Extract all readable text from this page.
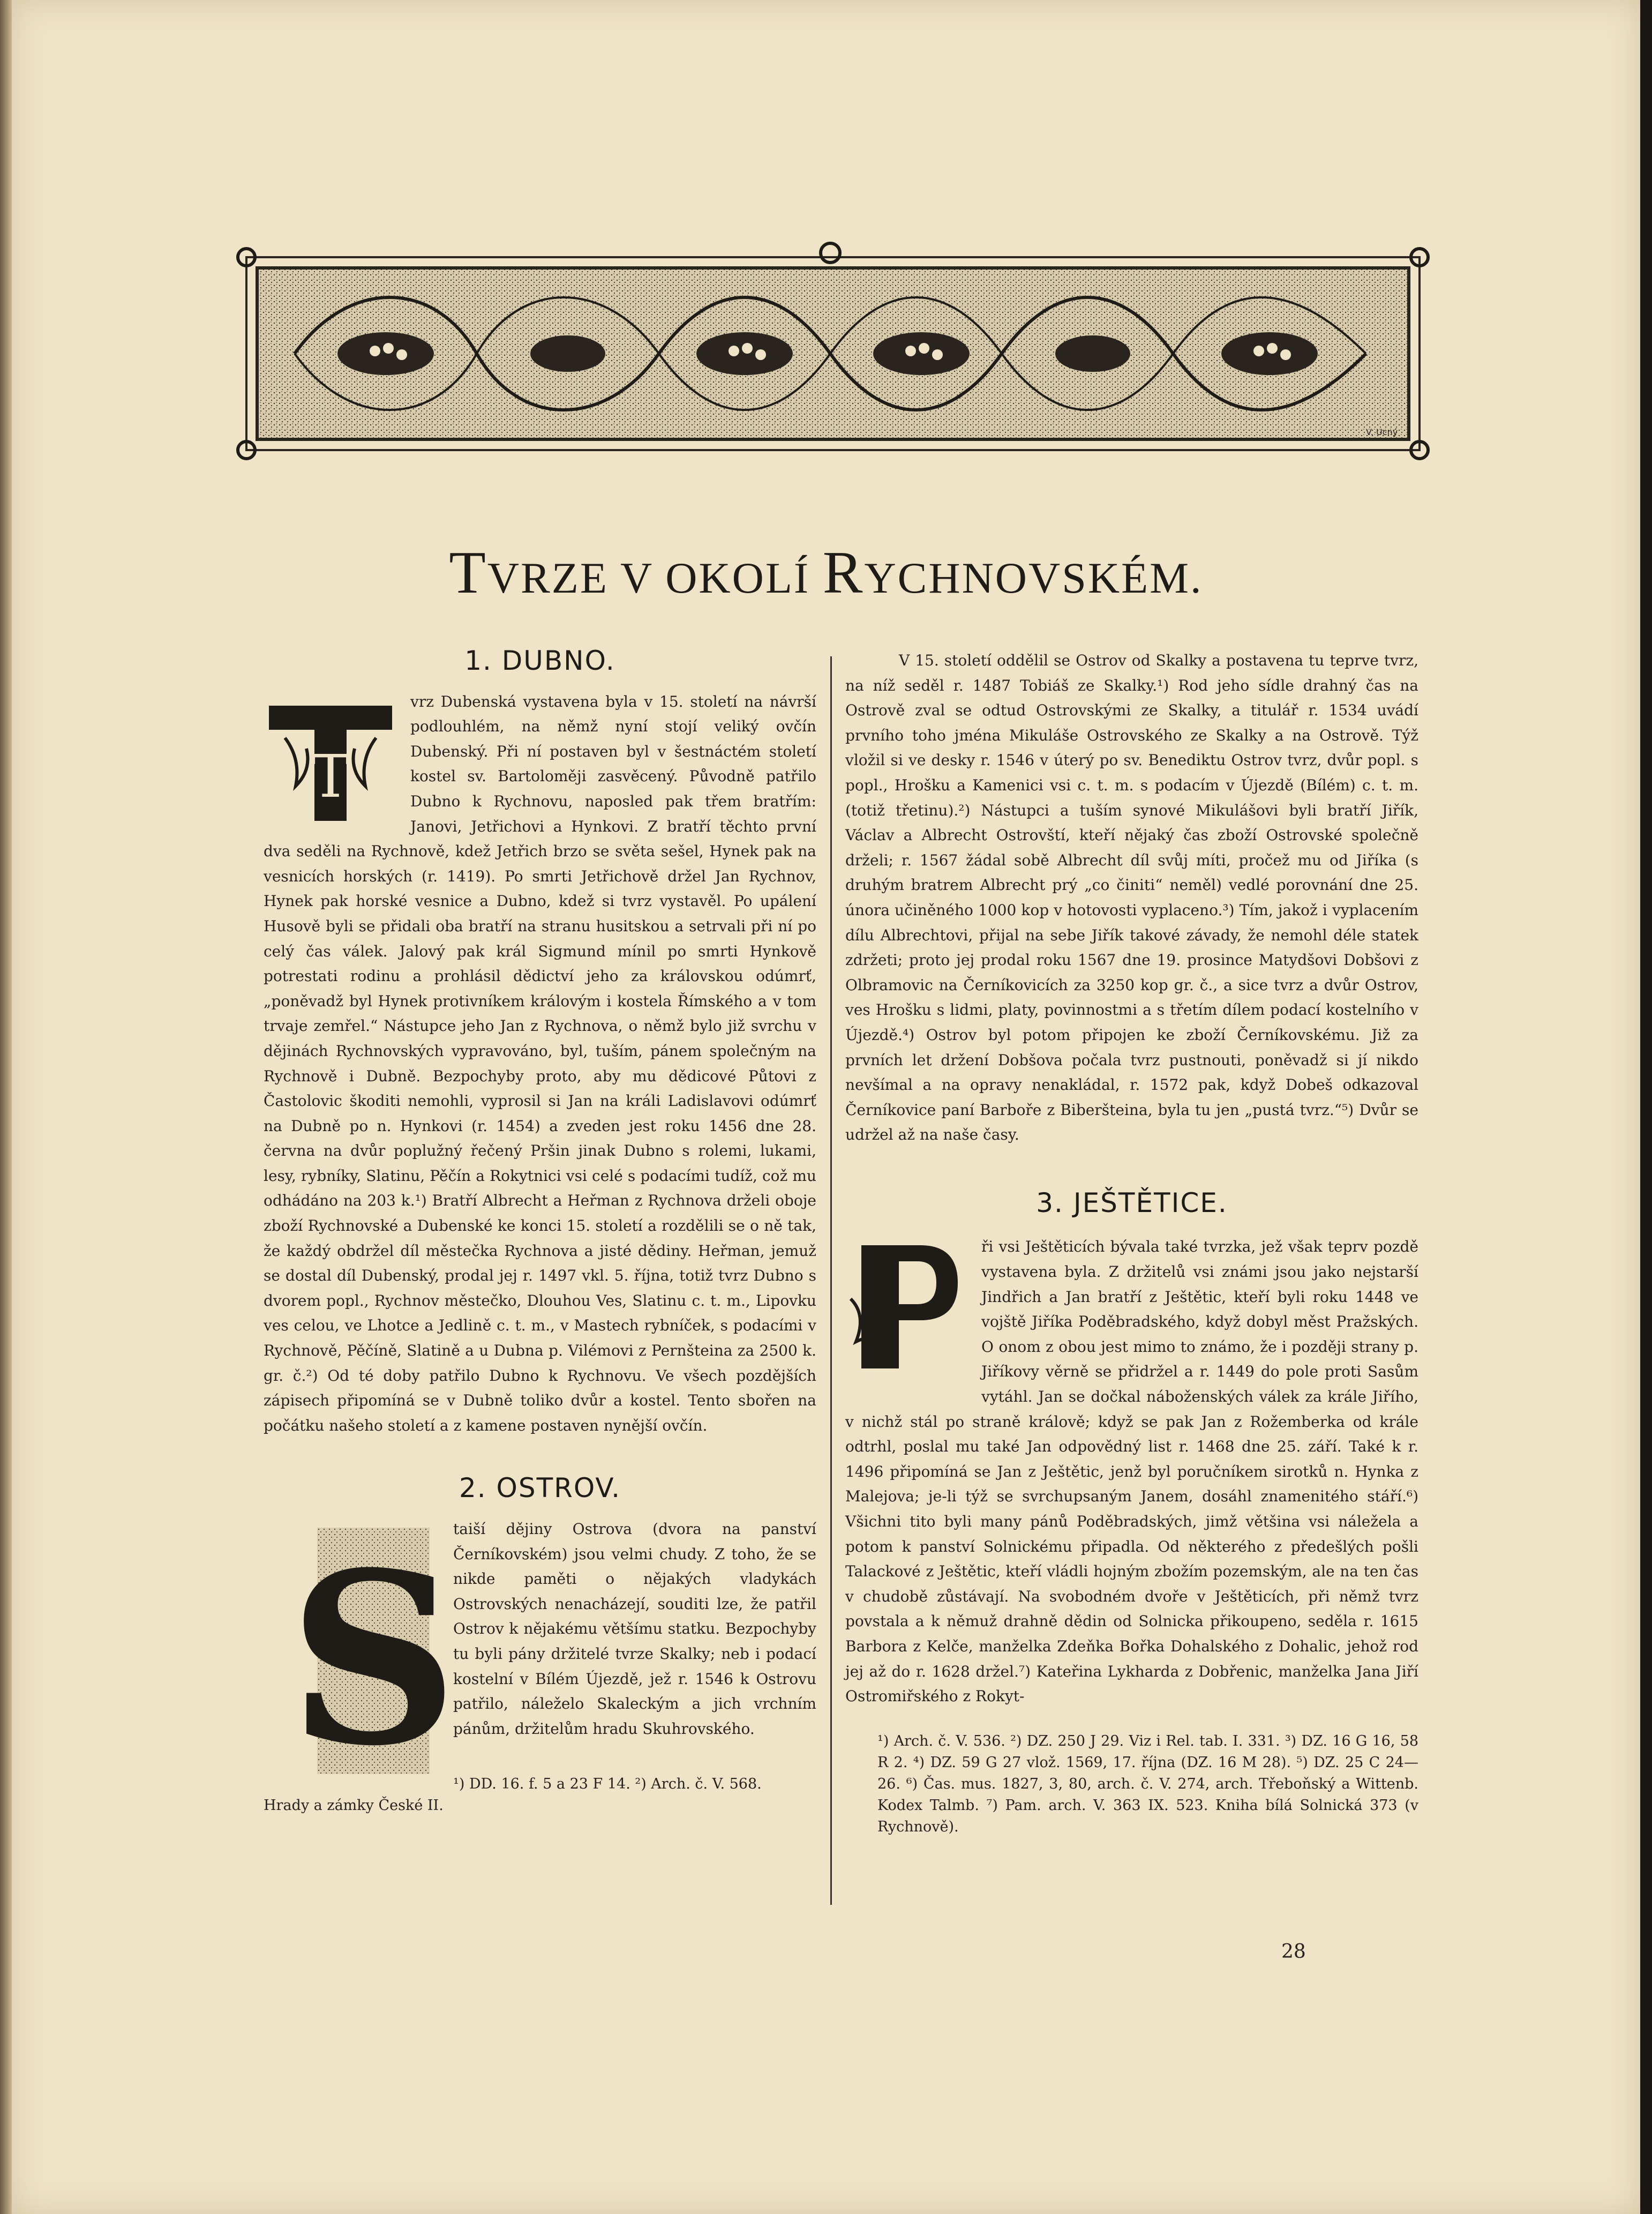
V. Ucný
TVRZE V OKOLÍ RYCHNOVSKÉM.
1. DUBNO.
T

vrz Dubenská vystavena byla v 15. století na návrší podlouhlém, na němž nyní stojí veliký ovčín Dubenský. Při ní postaven byl v šestnáctém století kostel sv. Bartoloměji zasvěcený. Původně patřilo Dubno k Rychnovu, naposled pak třem bratřím: Janovi, Jetřichovi a Hynkovi. Z bratří těchto první dva seděli na Rychnově, kdež Jetřich brzo se světa sešel, Hynek pak na vesnicích horských (r. 1419). Po smrti Jetřichově držel Jan Rychnov, Hynek pak horské vesnice a Dubno, kdež si tvrz vystavěl. Po upálení Husově byli se přidali oba bratří na stranu husitskou a setrvali při ní po celý čas válek. Jalový pak král Sigmund mínil po smrti Hynkově potrestati rodinu a prohlásil dědictví jeho za královskou odúmrť, „poněvadž byl Hynek protivníkem královým i kostela Římského a v tom trvaje zemřel.“ Nástupce jeho Jan z Rychnova, o němž bylo již svrchu v dějinách Rychnovských vypravováno, byl, tuším, pánem společným na Rychnově i Dubně. Bezpochyby proto, aby mu dědicové Půtovi z Častolovic škoditi nemohli, vyprosil si Jan na králi Ladislavovi odúmrť na Dubně po n. Hynkovi (r. 1454) a zveden jest roku 1456 dne 28. června na dvůr poplužný řečený Pršin jinak Dubno s rolemi, lukami, lesy, rybníky, Slatinu, Pěčín a Rokytnici vsi celé s podacími tudíž, což mu odhádáno na 203 k.¹) Bratří Albrecht a Heřman z Rychnova drželi oboje zboží Rychnovské a Dubenské ke konci 15. století a rozdělili se o ně tak, že každý obdržel díl městečka Rychnova a jisté dědiny. Heřman, jemuž se dostal díl Dubenský, prodal jej r. 1497 vkl. 5. října, totiž tvrz Dubno s dvorem popl., Rychnov městečko, Dlouhou Ves, Slatinu c. t. m., Lipovku ves celou, ve Lhotce a Jedlině c. t. m., v Mastech rybníček, s podacími v Rychnově, Pěčíně, Slatině a u Dubna p. Vilémovi z Pernšteina za 2500 k. gr. č.²) Od té doby patřilo Dubno k Rychnovu. Ve všech pozdějších zápisech připomíná se v Dubně toliko dvůr a kostel. Tento sbořen na počátku našeho století a z kamene postaven nynější ovčín.

2. OSTROV.
S

taiší dějiny Ostrova (dvora na panství Černíkovském) jsou velmi chudy. Z toho, že se nikde paměti o nějakých vladykách Ostrovských nenacházejí, souditi lze, že patřil Ostrov k nějakému většímu statku. Bezpochyby tu byli pány držitelé tvrze Skalky; neb i podací kostelní v Bílém Újezdě, jež r. 1546 k Ostrovu patřilo, náleželo Skaleckým a jich vrchním pánům, držitelům hradu Skuhrovského.

¹) DD. 16. f. 5 a 23 F 14. ²) Arch. č. V. 568.
Hrady a zámky České II.

V 15. století oddělil se Ostrov od Skalky a postavena tu teprve tvrz, na níž seděl r. 1487 Tobiáš ze Skalky.¹) Rod jeho sídle drahný čas na Ostrově zval se odtud Ostrovskými ze Skalky, a titulář r. 1534 uvádí prvního toho jména Mikuláše Ostrovského ze Skalky a na Ostrově. Týž vložil si ve desky r. 1546 v úterý po sv. Benediktu Ostrov tvrz, dvůr popl. s popl., Hrošku a Kamenici vsi c. t. m. s podacím v Újezdě (Bílém) c. t. m. (totiž třetinu).²) Nástupci a tuším synové Mikulášovi byli bratří Jiřík, Václav a Albrecht Ostrovští, kteří nějaký čas zboží Ostrovské společně drželi; r. 1567 žádal sobě Albrecht díl svůj míti, pročež mu od Jiříka (s druhým bratrem Albrecht prý „co činiti“ neměl) vedlé porovnání dne 25. února učiněného 1000 kop v hotovosti vyplaceno.³) Tím, jakož i vyplacením dílu Albrechtovi, přijal na sebe Jiřík takové závady, že nemohl déle statek zdržeti; proto jej prodal roku 1567 dne 19. prosince Matydšovi Dobšovi z Olbramovic na Černíkovicích za 3250 kop gr. č., a sice tvrz a dvůr Ostrov, ves Hrošku s lidmi, platy, povinnostmi a s třetím dílem podací kostelního v Újezdě.⁴) Ostrov byl potom připojen ke zboží Černíkovskému. Již za prvních let držení Dobšova počala tvrz pustnouti, poněvadž si jí nikdo nevšímal a na opravy nenakládal, r. 1572 pak, když Dobeš odkazoval Černíkovice paní Barboře z Biberšteina, byla tu jen „pustá tvrz.“⁵) Dvůr se udržel až na naše časy.

3. JEŠTĚTICE.
P

ři vsi Ještěticích bývala také tvrzka, jež však teprv pozdě vystavena byla. Z držitelů vsi známi jsou jako nejstarší Jindřich a Jan bratří z Ještětic, kteří byli roku 1448 ve vojště Jiříka Poděbradského, když dobyl měst Pražských. O onom z obou jest mimo to známo, že i později strany p. Jiříkovy věrně se přidržel a r. 1449 do pole proti Sasům vytáhl. Jan se dočkal náboženských válek za krále Jiřího, v nichž stál po straně králově; když se pak Jan z Rožemberka od krále odtrhl, poslal mu také Jan odpovědný list r. 1468 dne 25. září. Také k r. 1496 připomíná se Jan z Ještětic, jenž byl poručníkem sirotků n. Hynka z Malejova; je-li týž se svrchupsaným Janem, dosáhl znamenitého stáří.⁶) Všichni tito byli many pánů Poděbradských, jimž většina vsi náležela a potom k panství Solnickému připadla. Od některého z předešlých pošli Talackové z Ještětic, kteří vládli hojným zbožím pozemským, ale na ten čas v chudobě zůstávají. Na svobodném dvoře v Ještěticích, při němž tvrz povstala a k němuž drahně dědin od Solnicka přikoupeno, seděla r. 1615 Barbora z Kelče, manželka Zdeňka Bořka Dohalského z Dohalic, jehož rod jej až do r. 1628 držel.⁷) Kateřina Lykharda z Dobřenic, manželka Jana Jiří Ostromiřského z Rokyt-

¹) Arch. č. V. 536. ²) DZ. 250 J 29. Viz i Rel. tab. I. 331. ³) DZ. 16 G 16, 58 R 2. ⁴) DZ. 59 G 27 vlož. 1569, 17. října (DZ. 16 M 28). ⁵) DZ. 25 C 24—26. ⁶) Čas. mus. 1827, 3, 80, arch. č. V. 274, arch. Třeboňský a Wittenb. Kodex Talmb. ⁷) Pam. arch. V. 363 IX. 523. Kniha bílá Solnická 373 (v Rychnově).
28
